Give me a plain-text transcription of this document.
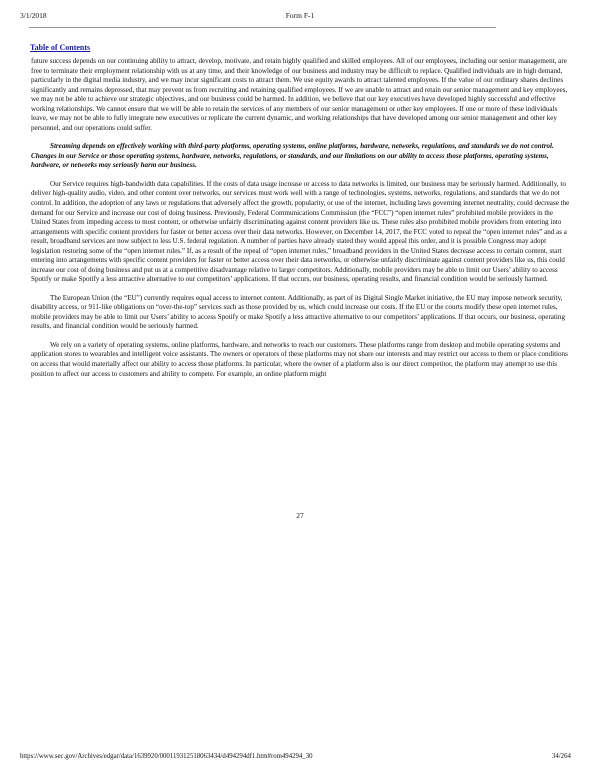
3/1/2018	Form F-1
Table of Contents

future success depends on our continuing ability to attract, develop, motivate, and retain highly qualified and skilled employees. All of our employees, including our senior management, are free to terminate their employment relationship with us at any time, and their knowledge of our business and industry may be difficult to replace. Qualified individuals are in high demand, particularly in the digital media industry, and we may incur significant costs to attract them. We use equity awards to attract talented employees. If the value of our ordinary shares declines significantly and remains depressed, that may prevent us from recruiting and retaining qualified employees. If we are unable to attract and retain our senior management and key employees, we may not be able to achieve our strategic objectives, and our business could be harmed. In addition, we believe that our key executives have developed highly successful and effective working relationships. We cannot ensure that we will be able to retain the services of any members of our senior management or other key employees. If one or more of these individuals leave, we may not be able to fully integrate new executives or replicate the current dynamic, and working relationships that have developed among our senior management and other key personnel, and our operations could suffer.

Streaming depends on effectively working with third-party platforms, operating systems, online platforms, hardware, networks, regulations, and standards we do not control. Changes in our Service or those operating systems, hardware, networks, regulations, or standards, and our limitations on our ability to access those platforms, operating systems, hardware, or networks may seriously harm our business.

Our Service requires high-bandwidth data capabilities. If the costs of data usage increase or access to data networks is limited, our business may be seriously harmed. Additionally, to deliver high-quality audio, video, and other content over networks, our services must work well with a range of technologies, systems, networks, regulations, and standards that we do not control. In addition, the adoption of any laws or regulations that adversely affect the growth, popularity, or use of the internet, including laws governing internet neutrality, could decrease the demand for our Service and increase our cost of doing business. Previously, Federal Communications Commission (the “FCC”) “open internet rules” prohibited mobile providers in the United States from impeding access to most content, or otherwise unfairly discriminating against content providers like us. These rules also prohibited mobile providers from entering into arrangements with specific content providers for faster or better access over their data networks. However, on December 14, 2017, the FCC voted to repeal the “open internet rules” and as a result, broadband services are now subject to less U.S. federal regulation. A number of parties have already stated they would appeal this order, and it is possible Congress may adopt legislation restoring some of the “open internet rules.” If, as a result of the repeal of “open internet rules,” broadband providers in the United States decrease access to certain content, start entering into arrangements with specific content providers for faster or better access over their data networks, or otherwise unfairly discriminate against content providers like us, this could increase our cost of doing business and put us at a competitive disadvantage relative to larger competitors. Additionally, mobile providers may be able to limit our Users’ ability to access Spotify or make Spotify a less attractive alternative to our competitors’ applications. If that occurs, our business, operating results, and financial condition would be seriously harmed.

The European Union (the “EU”) currently requires equal access to internet content. Additionally, as part of its Digital Single Market initiative, the EU may impose network security, disability access, or 911-like obligations on “over-the-top” services such as those provided by us, which could increase our costs. If the EU or the courts modify these open internet rules, mobile providers may be able to limit our Users’ ability to access Spotify or make Spotify a less attractive alternative to our competitors’ applications. If that occurs, our business, operating results, and financial condition would be seriously harmed.

We rely on a variety of operating systems, online platforms, hardware, and networks to reach our customers. These platforms range from desktop and mobile operating systems and application stores to wearables and intelligent voice assistants. The owners or operators of these platforms may not share our interests and may restrict our access to them or place conditions on access that would materially affect our ability to access those platforms. In particular, where the owner of a platform also is our direct competitor, the platform may attempt to use this position to affect our access to customers and ability to compete. For example, an online platform might

27
https://www.sec.gov/Archives/edgar/data/1639920/000119312518063434/d494294df1.htm#rom494294_30	34/264
